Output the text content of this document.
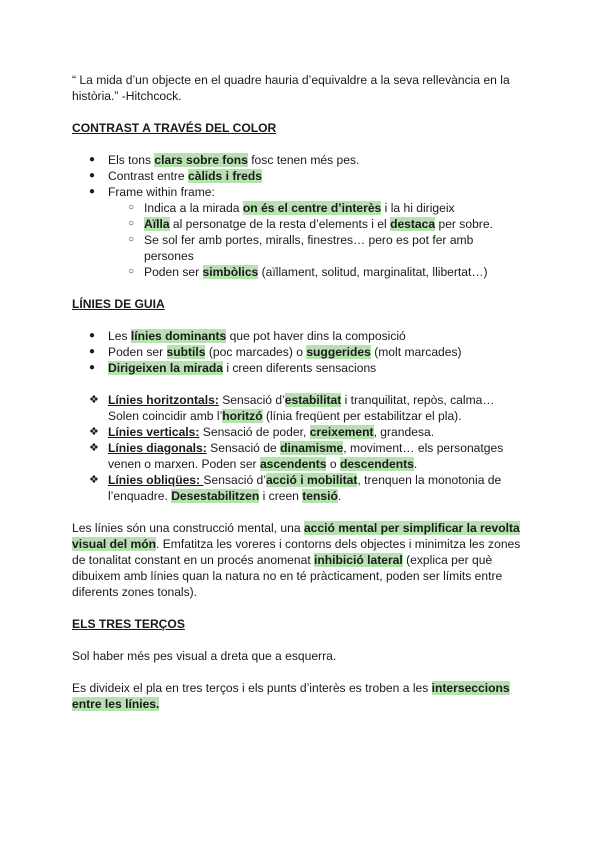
“ La mida d’un objecte en el quadre hauria d’equivaldre a la seva rellevància en la
història.” -Hitchcock.

CONTRAST A TRAVÉS DEL COLOR
● Els tons clars sobre fons fosc tenen més pes.
● Contrast entre càlids i freds
● Frame within frame:
○ Indica a la mirada on és el centre d’interès i la hi dirigeix
○ Aïlla al personatge de la resta d’elements i el destaca per sobre.
○ Se sol fer amb portes, miralls, finestres… pero es pot fer amb
persones
○ Poden ser simbòlics (aïllament, solitud, marginalitat, llibertat…)
LÍNIES DE GUIA
● Les línies dominants que pot haver dins la composició
● Poden ser subtils (poc marcades) o suggerides (molt marcades)
● Dirigeixen la mirada i creen diferents sensacions
❖ Línies horitzontals: Sensació d’estabilitat i tranquilitat, repòs, calma…
Solen coincidir amb l’horitzó (línia freqüent per estabilitzar el pla).
❖ Línies verticals: Sensació de poder, creixement, grandesa.
❖ Línies diagonals: Sensació de dinamisme, moviment… els personatges
venen o marxen. Poden ser ascendents o descendents.
❖ Línies obliqües: Sensació d’acció i mobilitat, trenquen la monotonia de
l’enquadre. Desestabilitzen i creen tensió.

Les línies són una construcció mental, una acció mental per simplificar la revolta
visual del món. Emfatitza les voreres i contorns dels objectes i minimitza les zones
de tonalitat constant en un procés anomenat inhibició lateral (explica per què
dibuixem amb línies quan la natura no en té pràcticament, poden ser límits entre
diferents zones tonals).

ELS TRES TERÇOS

Sol haber més pes visual a dreta que a esquerra.

Es divideix el pla en tres terços i els punts d’interès es troben a les interseccions
entre les línies.
